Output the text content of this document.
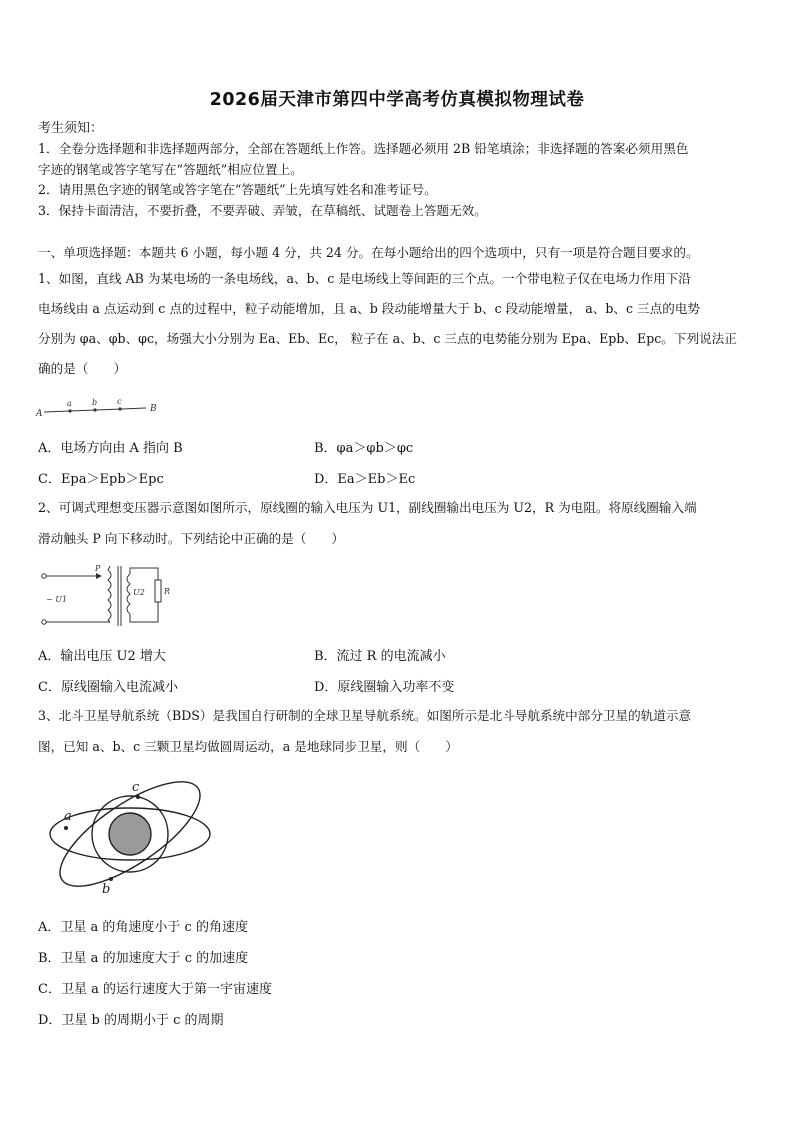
2026届天津市第四中学高考仿真模拟物理试卷
考生须知：
1．全卷分选择题和非选择题两部分，全部在答题纸上作答。选择题必须用 2B 铅笔填涂；非选择题的答案必须用黑色
字迹的钢笔或答字笔写在“答题纸”相应位置上。
2．请用黑色字迹的钢笔或答字笔在“答题纸”上先填写姓名和准考证号。
3．保持卡面清洁，不要折叠，不要弄破、弄皱，在草稿纸、试题卷上答题无效。
一、单项选择题：本题共 6 小题，每小题 4 分，共 24 分。在每小题给出的四个选项中，只有一项是符合题目要求的。
1、如图，直线 AB 为某电场的一条电场线，a、b、c 是电场线上等间距的三个点。一个带电粒子仅在电场力作用下沿
电场线由 a 点运动到 c 点的过程中，粒子动能增加，且 a、b 段动能增量大于 b、c 段动能增量， a、b、c 三点的电势
分别为 φa、φb、φc，场强大小分别为 Ea、Eb、Ec， 粒子在 a、b、c 三点的电势能分别为 Epa、Epb、Epc。下列说法正
确的是（　　）
A
a	b c
B
A．电场方向由 A 指向 B	B．φa＞φb＞φc
C．Epa＞Epb＞Epc	D．Ea＞Eb＞Ec
2、可调式理想变压器示意图如图所示，原线圈的输入电压为 U1，副线圈输出电压为 U2，R 为电阻。将原线圈输入端
滑动触头 P 向下移动时。下列结论中正确的是（　　）
P
~ U1
U2 R
A．输出电压 U2 增大	B．流过 R 的电流减小
C．原线圈输入电流减小	D．原线圈输入功率不变
3、北斗卫星导航系统（BDS）是我国自行研制的全球卫星导航系统。如图所示是北斗导航系统中部分卫星的轨道示意
图，已知 a、b、c 三颗卫星均做圆周运动，a 是地球同步卫星，则（　　）
a
b
c
A．卫星 a 的角速度小于 c 的角速度
B．卫星 a 的加速度大于 c 的加速度
C．卫星 a 的运行速度大于第一宇宙速度
D．卫星 b 的周期小于 c 的周期
